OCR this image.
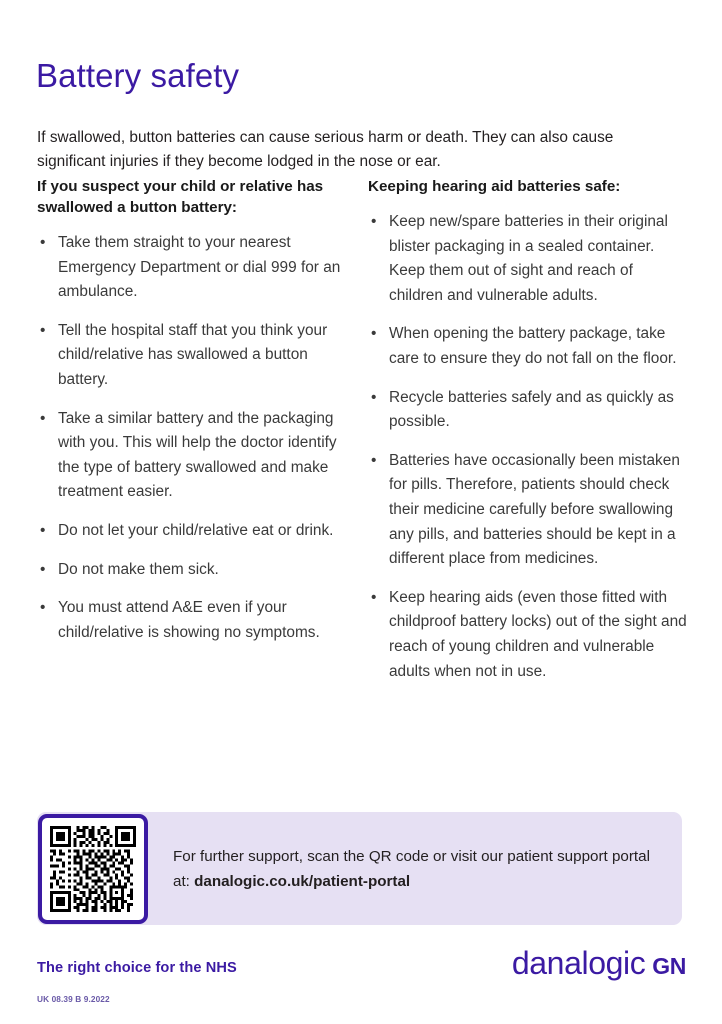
Battery safety

If swallowed, button batteries can cause serious harm or death. They can also cause significant injuries if they become lodged in the nose or ear.

If you suspect your child or relative has swallowed a button battery:
• Take them straight to your nearest Emergency Department or dial 999 for an ambulance.
• Tell the hospital staff that you think your child/relative has swallowed a button battery.
• Take a similar battery and the packaging with you. This will help the doctor identify the type of battery swallowed and make treatment easier.
• Do not let your child/relative eat or drink.
• Do not make them sick.
• You must attend A&E even if your child/relative is showing no symptoms.
Keeping hearing aid batteries safe:
• Keep new/spare batteries in their original blister packaging in a sealed container. Keep them out of sight and reach of children and vulnerable adults.
• When opening the battery package, take care to ensure they do not fall on the floor.
• Recycle batteries safely and as quickly as possible.
• Batteries have occasionally been mistaken for pills. Therefore, patients should check their medicine carefully before swallowing any pills, and batteries should be kept in a different place from medicines.
• Keep hearing aids (even those fitted with childproof battery locks) out of the sight and reach of young children and vulnerable adults when not in use.
For further support, scan the QR code or visit our patient support portal at: danalogic.co.uk/patient-portal
The right choice for the NHS
UK 08.39 B 9.2022
danalogic GN
